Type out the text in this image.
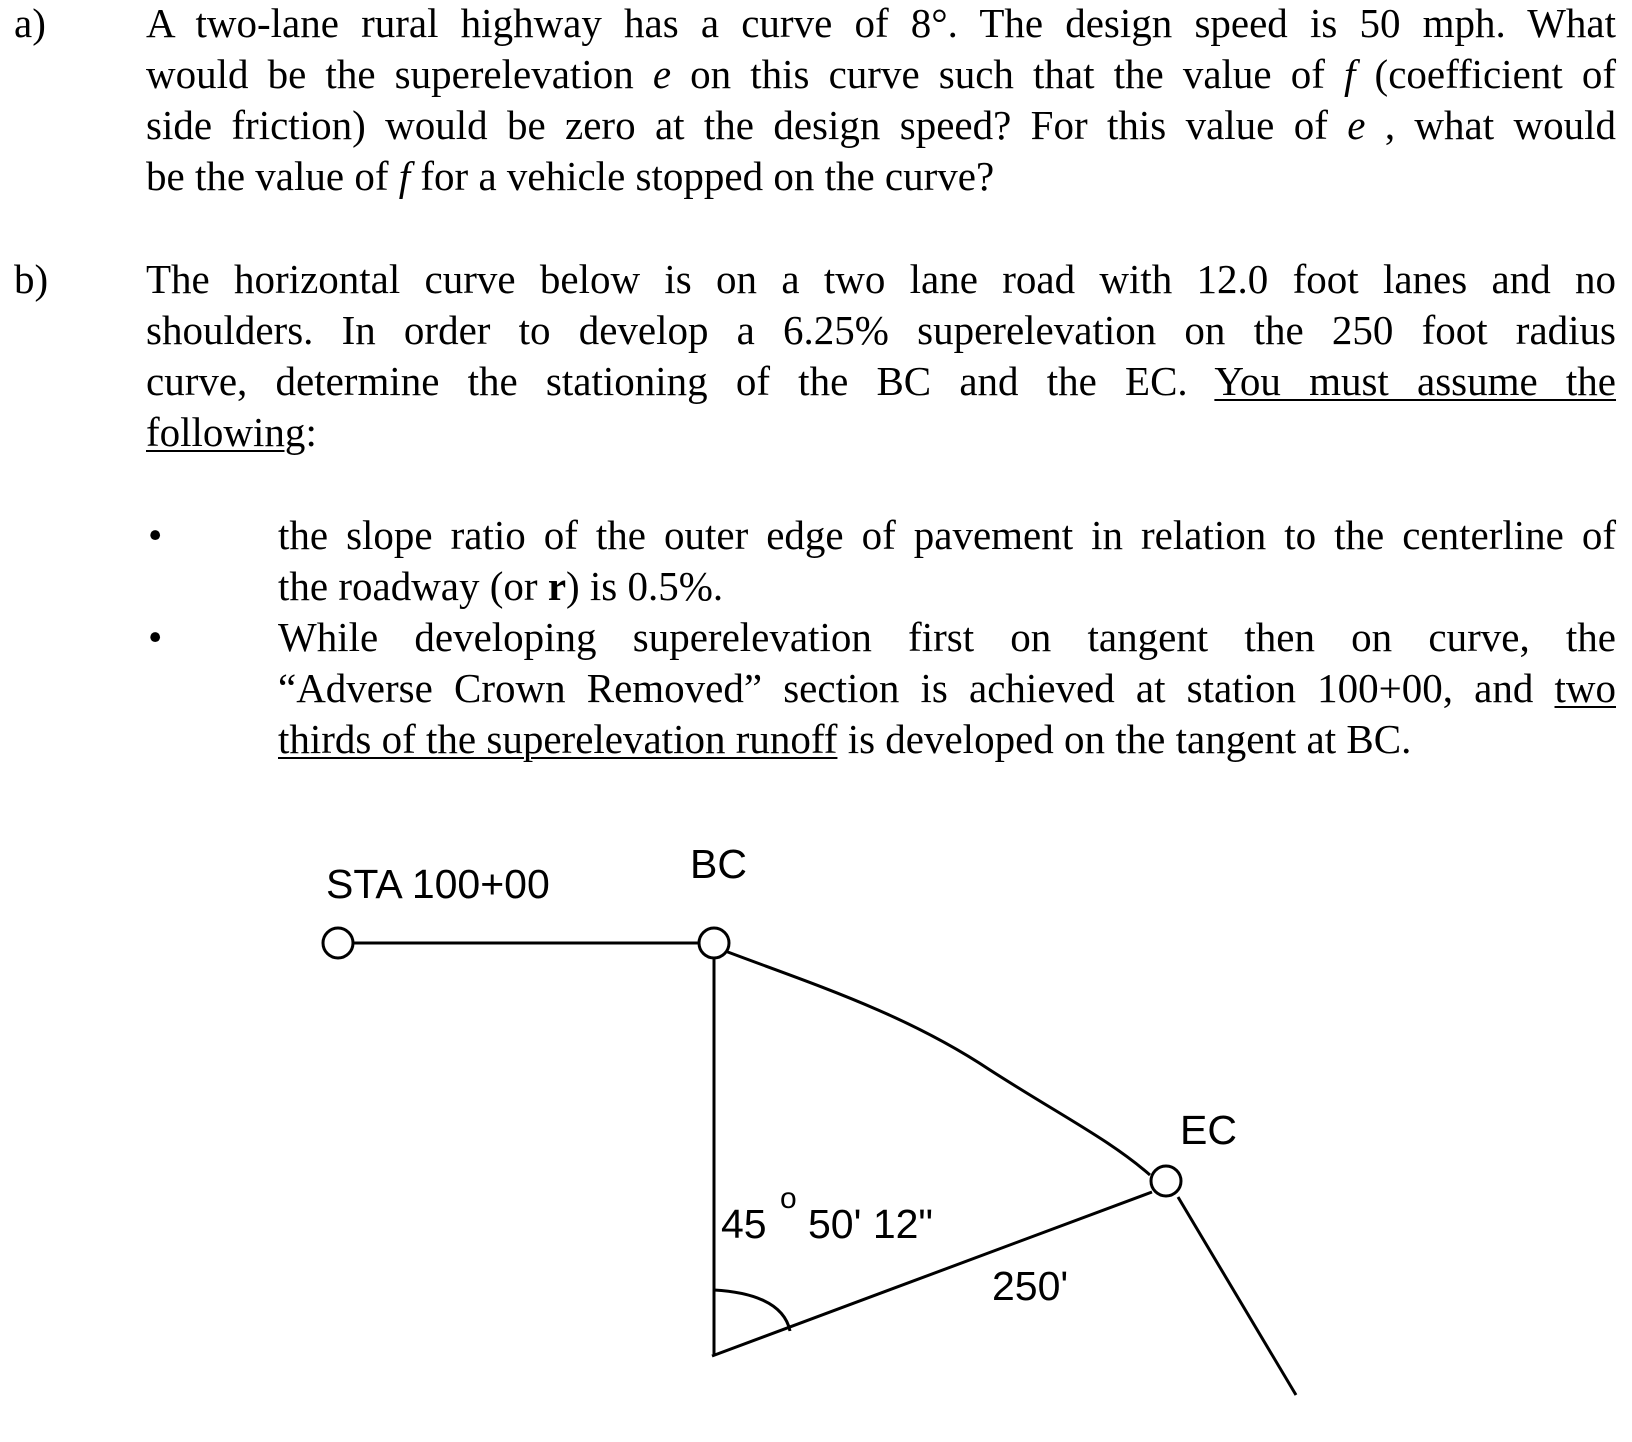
a) A two-lane rural highway has a curve of 8°. The design speed is 50 mph. What
would be the superelevation e on this curve such that the value of f (coefficient of
side friction) would be zero at the design speed? For this value of e , what would
be the value of f for a vehicle stopped on the curve?
b) The horizontal curve below is on a two lane road with 12.0 foot lanes and no
shoulders. In order to develop a 6.25% superelevation on the 250 foot radius
curve, determine the stationing of the BC and the EC. You must assume the
following:
•	the slope ratio of the outer edge of pavement in relation to the centerline of
the roadway (or r) is 0.5%.
•	While developing superelevation first on tangent then on curve, the
“Adverse Crown Removed” section is achieved at station 100+00, and two
thirds of the superelevation runoff is developed on the tangent at BC.
STA 100+00	BC
EC
45
o
50' 12"
250'
